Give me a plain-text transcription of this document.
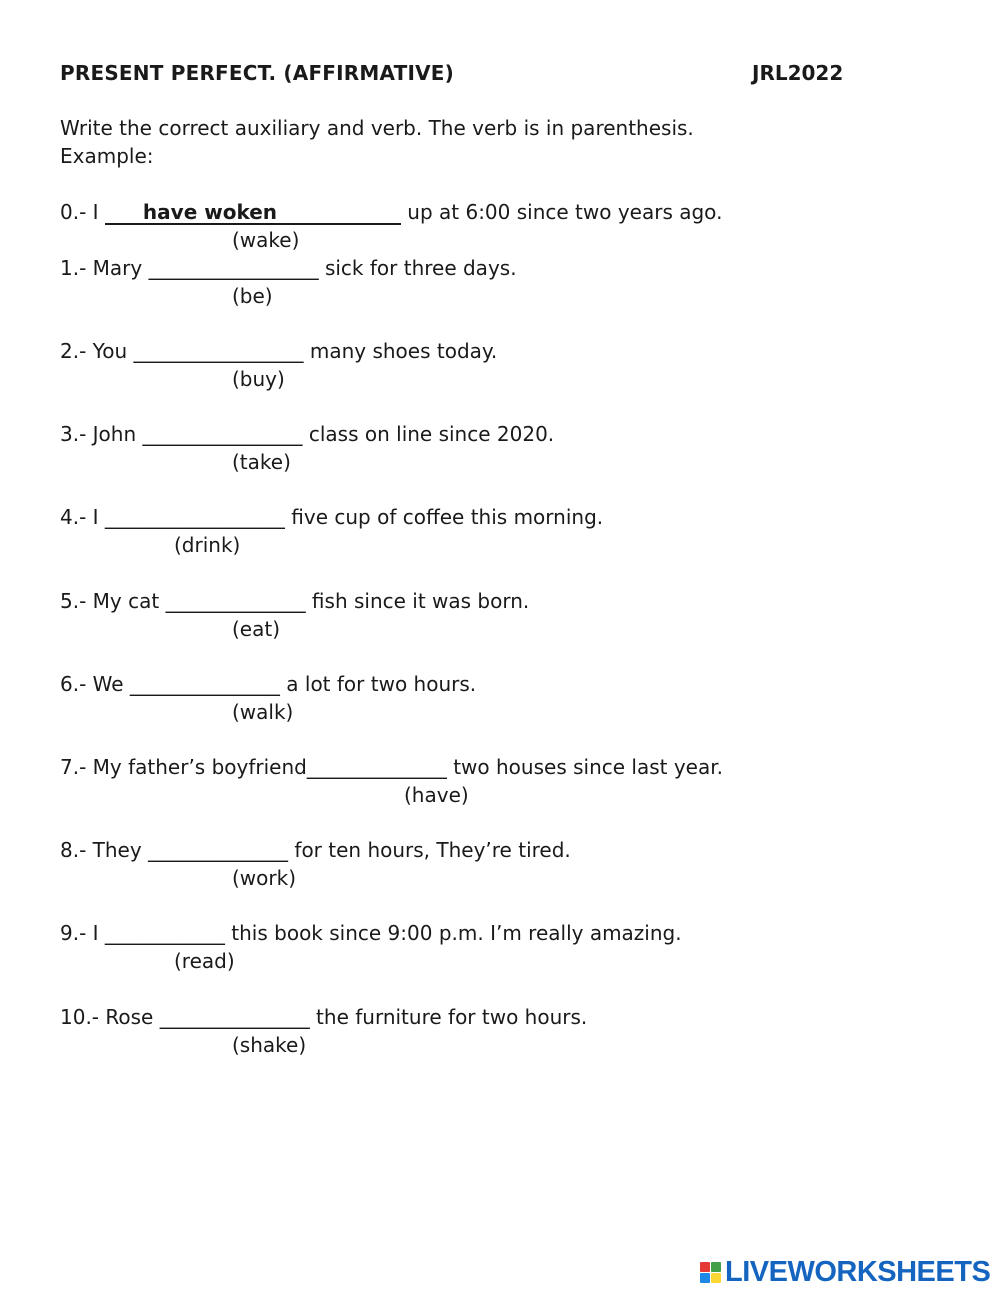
PRESENT PERFECT. (AFFIRMATIVE)	JRL2022
Write the correct auxiliary and verb. The verb is in parenthesis.
Example:
0.- I have woken	up at 6:00 since two years ago.
(wake)
1.- Mary _________________ sick for three days.
(be)
2.- You _________________ many shoes today.
(buy)
3.- John ________________ class on line since 2020.
(take)
4.- I __________________ five cup of coffee this morning.
(drink)
5.- My cat ______________ fish since it was born.
(eat)
6.- We _______________ a lot for two hours.
(walk)
7.- My father’s boyfriend______________ two houses since last year.
(have)
8.- They ______________ for ten hours, They’re tired.
(work)
9.- I ____________ this book since 9:00 p.m. I’m really amazing.
(read)
10.- Rose _______________ the furniture for two hours.
(shake)
LIVEWORKSHEETS
